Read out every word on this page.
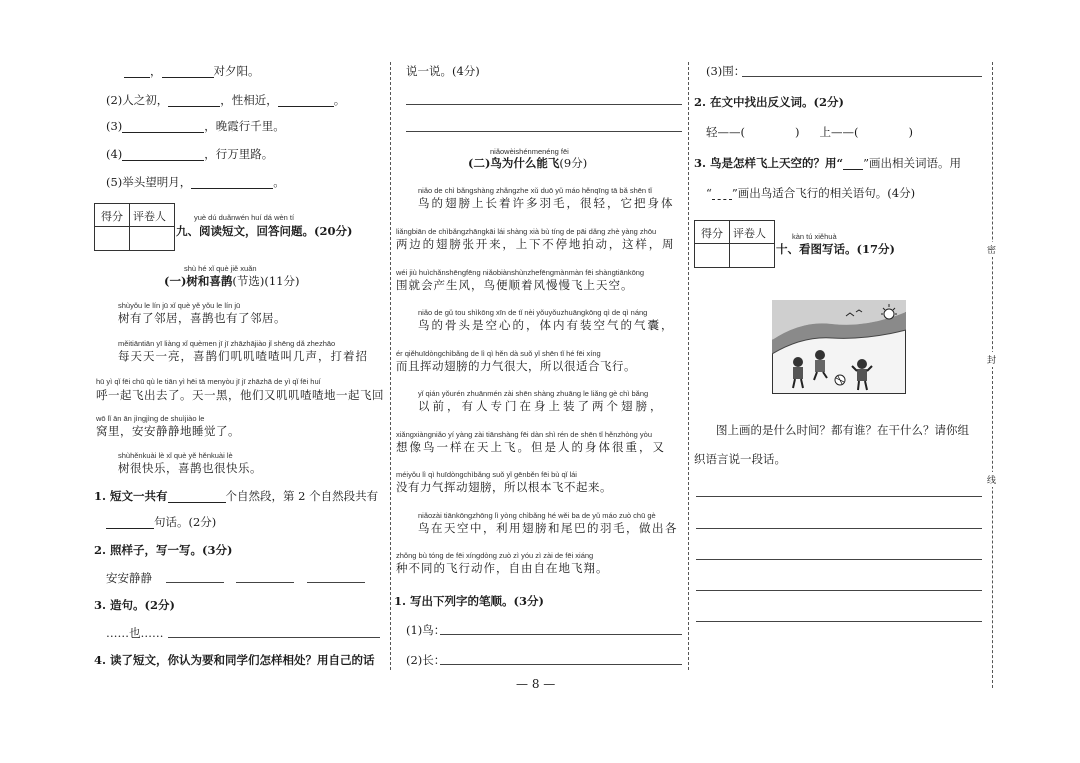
，	对夕阳。
(2)人之初，	，性相近，	。
(3)	，晚霞行千里。
(4)	，行万里路。
(5)举头望明月，	。
得分 评卷人	yuè dú duǎnwén huí dá wèn tí
九、阅读短文，回答问题。(20分)
shù hé xǐ què jiě xuǎn
(一)树和喜鹊(节选)(11分)
shùyǒu le lín jū xǐ què yě yǒu le lín jū
树有了邻居，喜鹊也有了邻居。
měitiāntiān yī liàng xǐ quèmen jī jī zhāzhājiào jǐ shēng dǎ zhezhāo
每天天一亮，喜鹊们叽叽喳喳叫几声，打着招
hū yì qǐ fēi chū qù le tiān yì hēi tā menyòu jī jī zhāzhā de yì qǐ fēi huí
呼一起飞出去了。天一黑，他们又叽叽喳喳地一起飞回
wō lǐ ān ān jìngjìng de shuìjiào le
窝里，安安静静地睡觉了。
shùhěnkuài lè xǐ què yě hěnkuài lè
树很快乐，喜鹊也很快乐。
1. 短文一共有	个自然段，第 2 个自然段共有
句话。(2分)
2. 照样子，写一写。(3分)
安安静静
3. 造句。(2分)
……也……
4. 读了短文，你认为要和同学们怎样相处？用自己的话
说一说。(4分)
niǎowèishénmenéng fēi
(二)鸟为什么能飞(9分)
niǎo de chì bǎngshàng zhǎngzhe xǔ duō yǔ máo hěnqīng tā bǎ shēn tǐ
鸟的翅膀上长着许多羽毛，很轻，它把身体
liǎngbiān de chìbǎngzhāngkāi lái shàng xià bù tíng de pāi dǎng zhè yàng zhōu
两边的翅膀张开来，上下不停地拍动，这样，周
wéi jiù huìchǎnshēngfēng niǎobiànshùnzhefēngmànmàn fēi shàngtiānkōng
围就会产生风，鸟便顺着风慢慢飞上天空。
niǎo de gǔ tou shìkōng xīn de tǐ nèi yǒuyǒuzhuāngkōng qì de qì náng
鸟的骨头是空心的，体内有装空气的气囊，
ér qiěhuīdòngchìbǎng de lì qì hěn dà suǒ yǐ shēn tǐ hé fēi xíng
而且挥动翅膀的力气很大，所以很适合飞行。
yǐ qián yǒurén zhuānmén zài shēn shàng zhuāng le liǎng gè chì bǎng
以前，有人专门在身上装了两个翅膀，
xiǎngxiàngniǎo yí yàng zài tiānshàng fēi dàn shì rén de shēn tǐ hěnzhòng yòu
想像鸟一样在天上飞。但是人的身体很重，又
méiyǒu lì qì huīdòngchìbǎng suǒ yǐ gēnběn fēi bù qǐ lái
没有力气挥动翅膀，所以根本飞不起来。
niǎozài tiānkōngzhōng lì yòng chìbǎng hé wěi ba de yǔ máo zuò chū gè
鸟在天空中，利用翅膀和尾巴的羽毛，做出各
zhǒng bù tóng de fēi xíngdòng zuò zì yóu zì zài de fēi xiáng
种不同的飞行动作，自由自在地飞翔。
1. 写出下列字的笔顺。(3分)
(1)鸟：
(2)长：
— 8 —
(3)围：
2. 在文中找出反义词。(2分)
轻——(	) 上——(	)
3. 鸟是怎样飞上天空的？用“ ”画出相关词语。用
“ ”画出鸟适合飞行的相关语句。(4分)
得分 评卷人	kàn tú xiěhuà
十、看图写话。(17分)
图上画的是什么时间？都有谁？在干什么？请你组
织语言说一段话。
密
封
线
